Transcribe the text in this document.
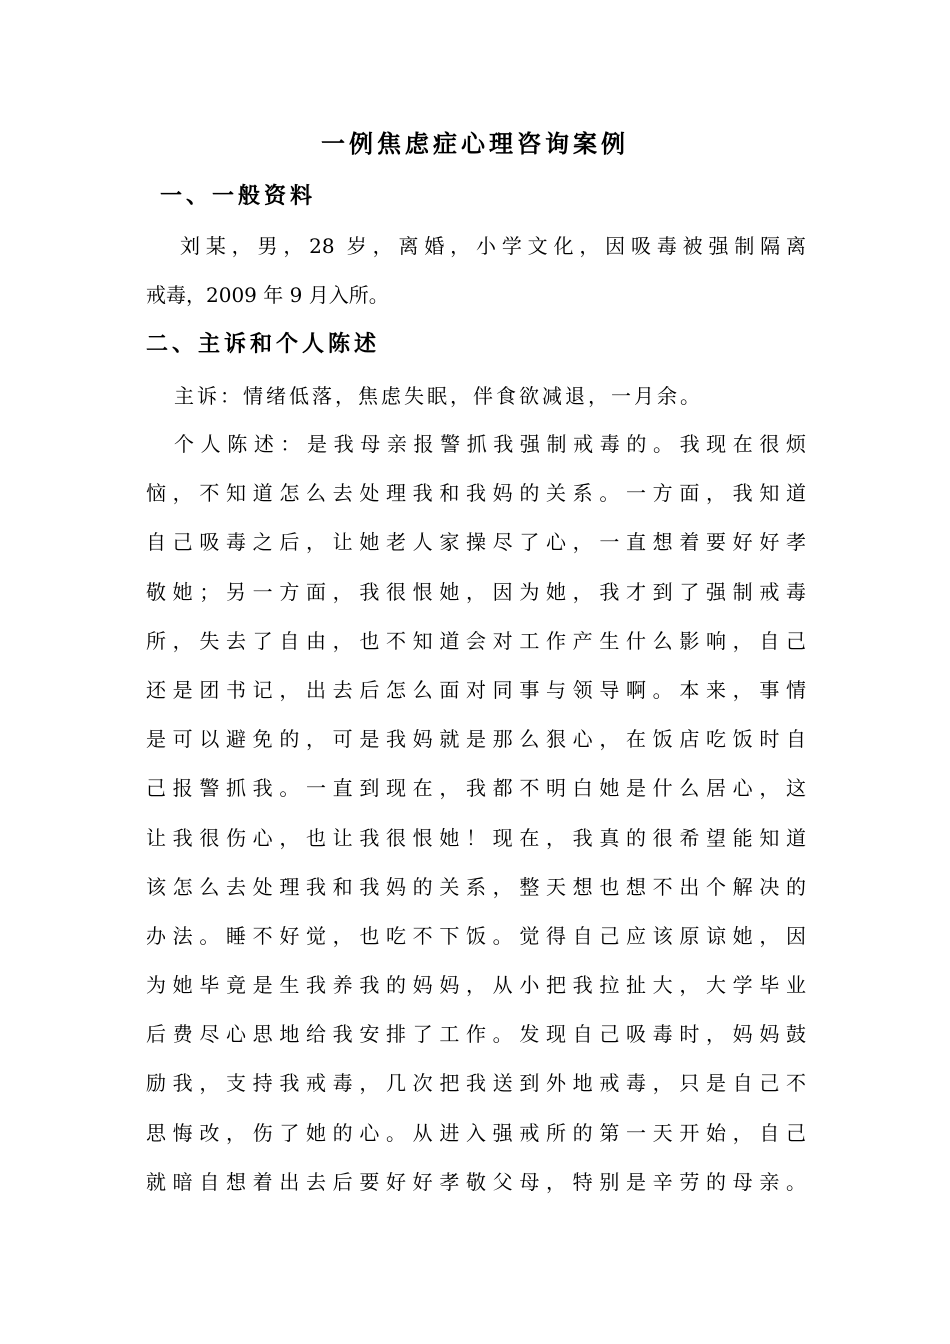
一例焦虑症心理咨询案例
一、一般资料
刘某，男，28 岁，离婚，小学文化，因吸毒被强制隔离
戒毒，2009 年 9 月入所。
二、主诉和个人陈述
主诉：情绪低落，焦虑失眠，伴食欲减退，一月余。
个人陈述：是我母亲报警抓我强制戒毒的。我现在很烦
恼，不知道怎么去处理我和我妈的关系。一方面，我知道
自己吸毒之后，让她老人家操尽了心，一直想着要好好孝
敬她；另一方面，我很恨她，因为她，我才到了强制戒毒
所，失去了自由，也不知道会对工作产生什么影响，自己
还是团书记，出去后怎么面对同事与领导啊。本来，事情
是可以避免的，可是我妈就是那么狠心，在饭店吃饭时自
己报警抓我。一直到现在，我都不明白她是什么居心，这
让我很伤心，也让我很恨她！现在，我真的很希望能知道
该怎么去处理我和我妈的关系，整天想也想不出个解决的
办法。睡不好觉，也吃不下饭。觉得自己应该原谅她，因
为她毕竟是生我养我的妈妈，从小把我拉扯大，大学毕业
后费尽心思地给我安排了工作。发现自己吸毒时，妈妈鼓
励我，支持我戒毒，几次把我送到外地戒毒，只是自己不
思悔改，伤了她的心。从进入强戒所的第一天开始，自己
就暗自想着出去后要好好孝敬父母，特别是辛劳的母亲。
